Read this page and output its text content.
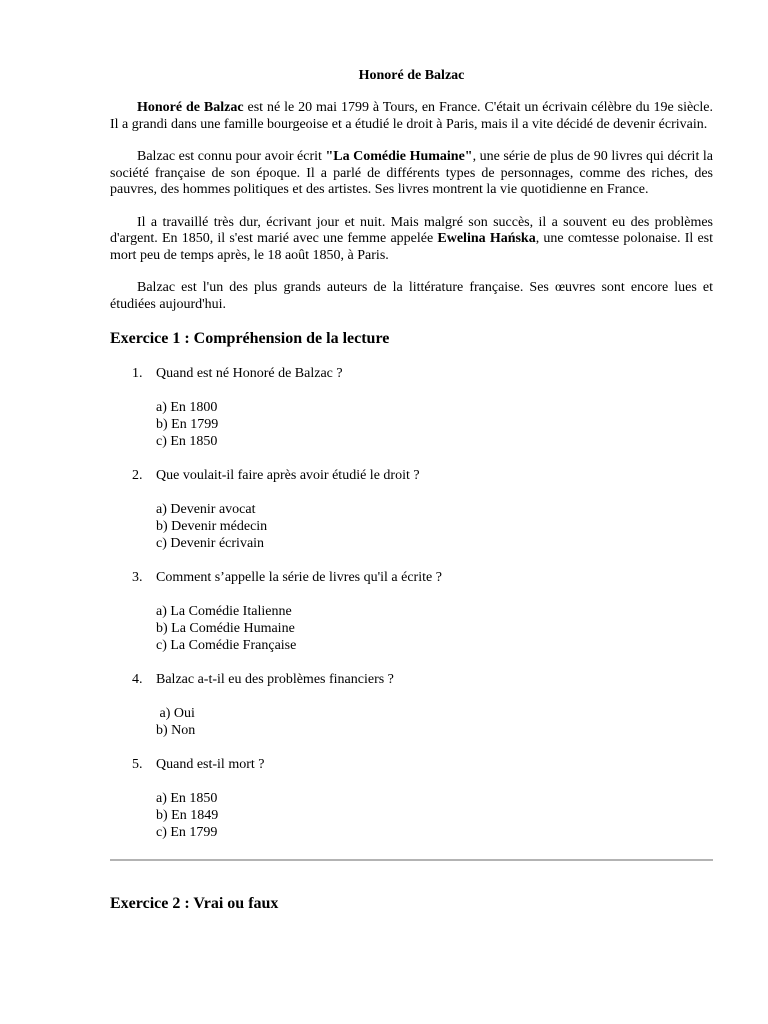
Honoré de Balzac

Honoré de Balzac est né le 20 mai 1799 à Tours, en France. C'était un écrivain célèbre du 19e siècle. Il a grandi dans une famille bourgeoise et a étudié le droit à Paris, mais il a vite décidé de devenir écrivain.

Balzac est connu pour avoir écrit "La Comédie Humaine", une série de plus de 90 livres qui décrit la société française de son époque. Il a parlé de différents types de personnages, comme des riches, des pauvres, des hommes politiques et des artistes. Ses livres montrent la vie quotidienne en France.

Il a travaillé très dur, écrivant jour et nuit. Mais malgré son succès, il a souvent eu des problèmes d'argent. En 1850, il s'est marié avec une femme appelée Ewelina Hańska, une comtesse polonaise. Il est mort peu de temps après, le 18 août 1850, à Paris.

Balzac est l'un des plus grands auteurs de la littérature française. Ses œuvres sont encore lues et étudiées aujourd'hui.

Exercice 1 : Compréhension de la lecture
1. Quand est né Honoré de Balzac ?
a) En 1800
b) En 1799
c) En 1850
2. Que voulait-il faire après avoir étudié le droit ?
a) Devenir avocat
b) Devenir médecin
c) Devenir écrivain
3. Comment s’appelle la série de livres qu'il a écrite ?
a) La Comédie Italienne
b) La Comédie Humaine
c) La Comédie Française
4. Balzac a-t-il eu des problèmes financiers ?
a) Oui
b) Non
5. Quand est-il mort ?
a) En 1850
b) En 1849
c) En 1799
Exercice 2 : Vrai ou faux
